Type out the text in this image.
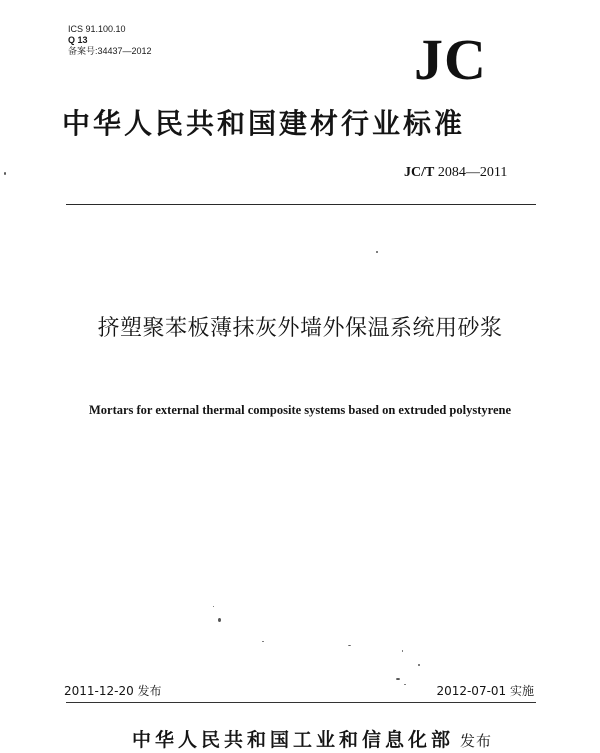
ICS 91.100.10
Q 13
备案号:34437—2012	JC
中华人民共和国建材行业标准
JC/T 2084—2011
挤塑聚苯板薄抹灰外墙外保温系统用砂浆
Mortars for external thermal composite systems based on extruded polystyrene
2011-12-20 发布	2012-07-01 实施
中华人民共和国工业和信息化部 发布
